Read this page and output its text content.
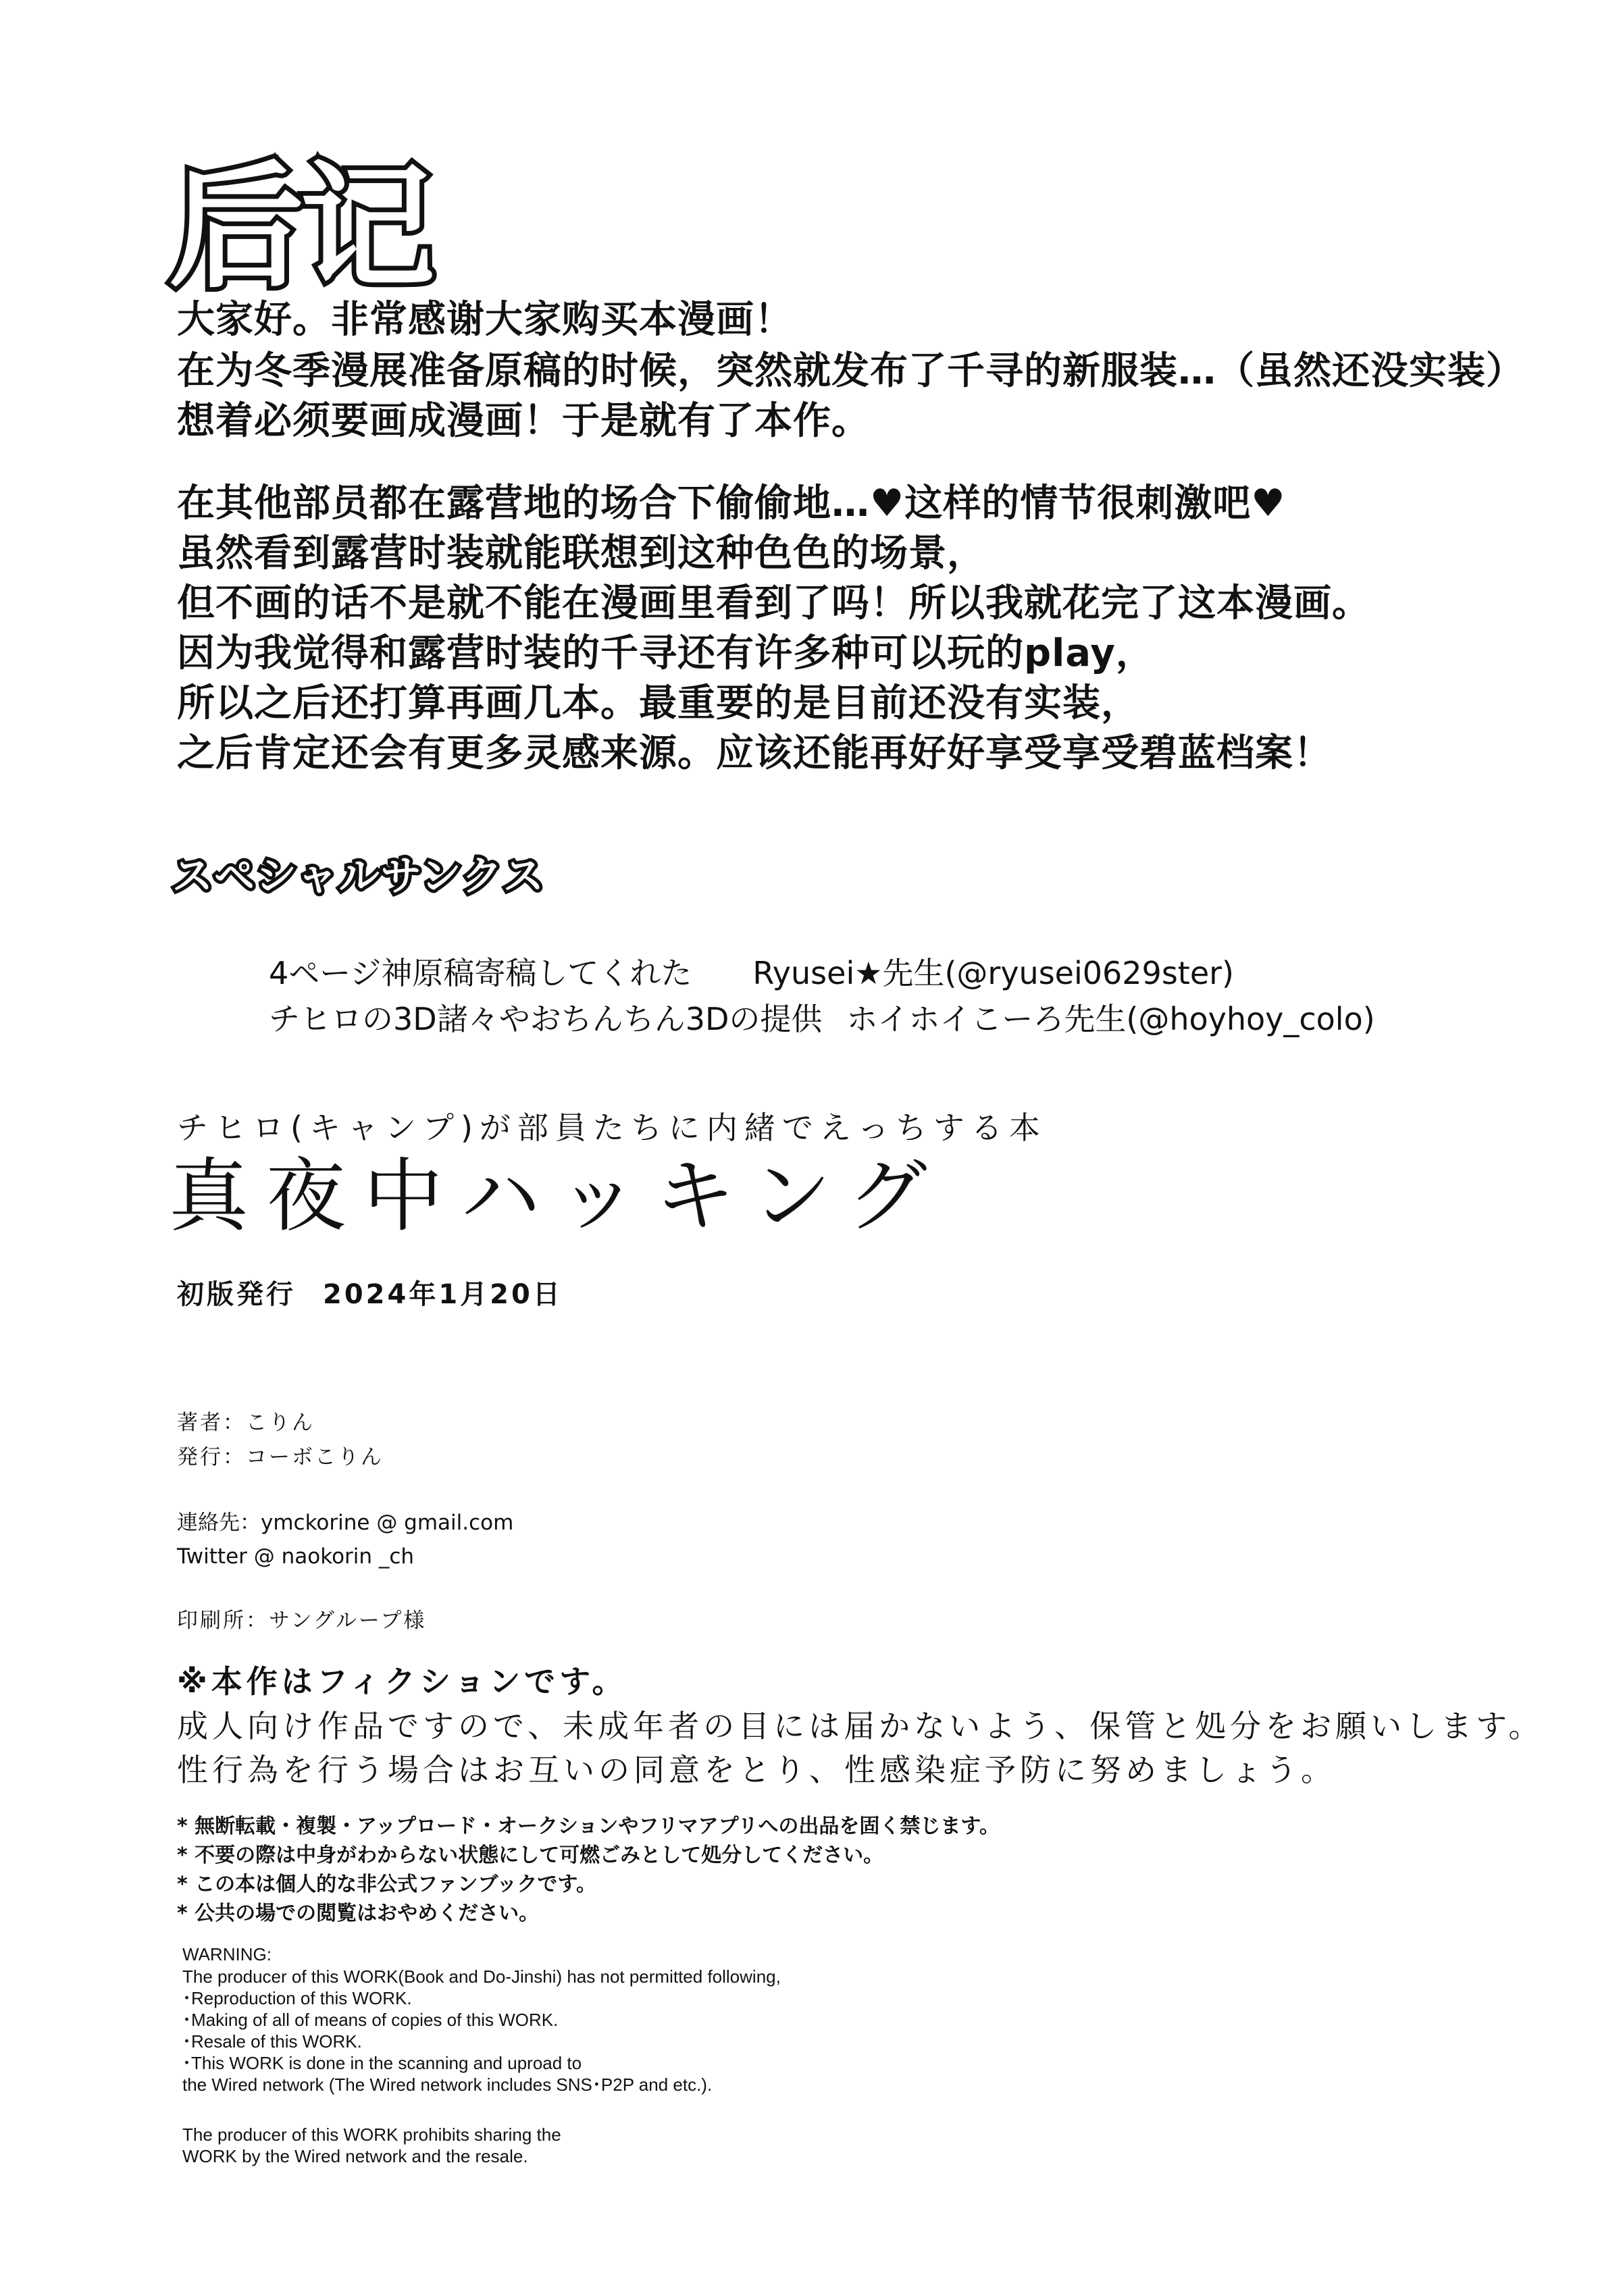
后记
大家好。非常感谢大家购买本漫画！
在为冬季漫展准备原稿的时候，突然就发布了千寻的新服装…（虽然还没实装）
想着必须要画成漫画！于是就有了本作。
在其他部员都在露营地的场合下偷偷地…♥这样的情节很刺激吧♥
虽然看到露营时装就能联想到这种色色的场景，
但不画的话不是就不能在漫画里看到了吗！所以我就花完了这本漫画。
因为我觉得和露营时装的千寻还有许多种可以玩的play，
所以之后还打算再画几本。最重要的是目前还没有实装，
之后肯定还会有更多灵感来源。应该还能再好好享受享受碧蓝档案！
スペシャルサンクス
4ページ神原稿寄稿してくれた Ryusei★先生(@ryusei0629ster)
チヒロの3D諸々やおちんちん3Dの提供 ホイホイこーろ先生(@hoyhoy_colo)
チヒロ(キャンプ)が部員たちに内緒でえっちする本
真夜中ハッキング
初版発行 2024年1月20日
著者：こりん
発行：コーボこりん
連絡先：ymckorine @ gmail.com
Twitter @ naokorin _ch
印刷所：サングループ様
※本作はフィクションです。
成人向け作品ですので、未成年者の目には届かないよう、保管と処分をお願いします。
性行為を行う場合はお互いの同意をとり、性感染症予防に努めましょう。
* 無断転載・複製・アップロード・オークションやフリマアプリへの出品を固く禁じます。
* 不要の際は中身がわからない状態にして可燃ごみとして処分してください。
* この本は個人的な非公式ファンブックです。
* 公共の場での閲覧はおやめください。
WARNING:
The producer of this WORK(Book and Do-Jinshi) has not permitted following,
･Reproduction of this WORK.
･Making of all of means of copies of this WORK.
･Resale of this WORK.
･This WORK is done in the scanning and uproad to
the Wired network (The Wired network includes SNS･P2P and etc.).
The producer of this WORK prohibits sharing the
WORK by the Wired network and the resale.
